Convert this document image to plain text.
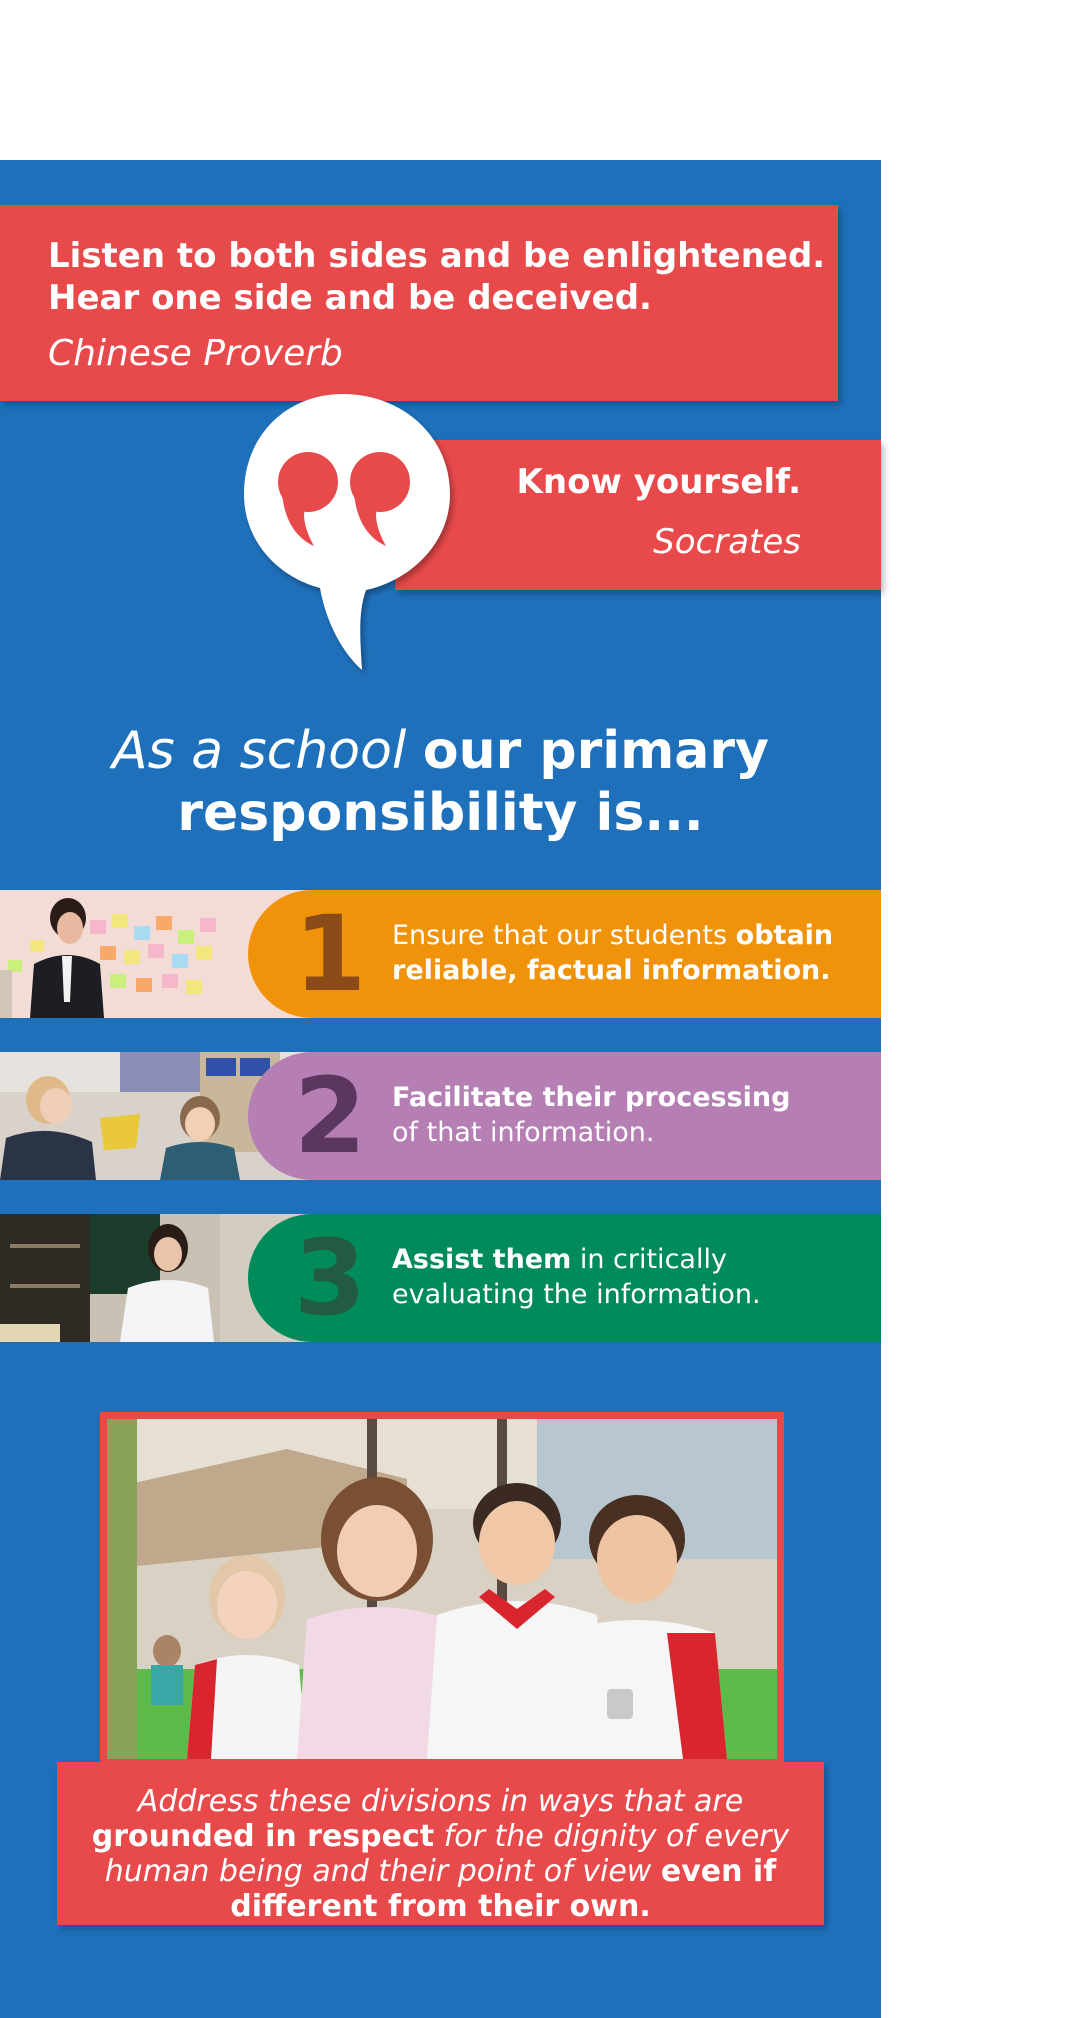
Listen to both sides and be enlightened.
Hear one side and be deceived.
Chinese Proverb
Know yourself.
Socrates
As a school our primary
responsibility is...
1 Ensure that our students obtain reliable, factual information.
2 Facilitate their processing
of that information.
3 Assist them in critically evaluating the information.
Address these divisions in ways that are
grounded in respect for the dignity of every human being and their point of view even if different from their own.
